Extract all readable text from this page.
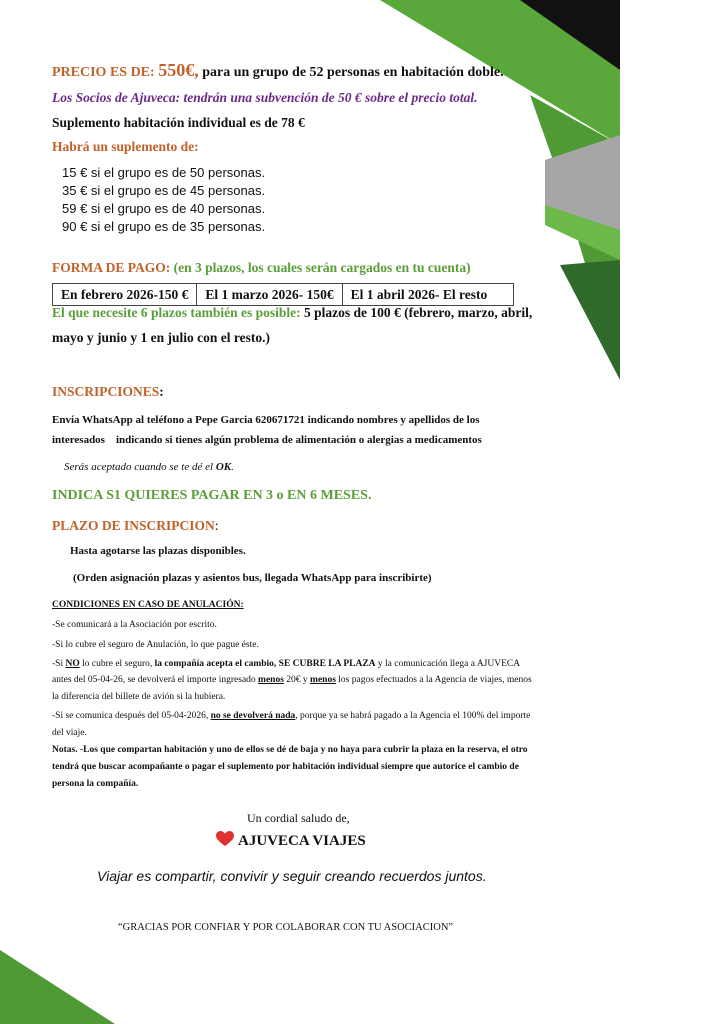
PRECIO ES DE: 550€, para un grupo de 52 personas en habitación doble.
Los Socios de Ajuveca: tendrán una subvención de 50 € sobre el precio total.
Suplemento habitación individual es de 78 €
Habrá un suplemento de:
15 € si el grupo es de 50 personas.
35 € si el grupo es de 45 personas.
59 € si el grupo es de 40 personas.
90 € si el grupo es de 35 personas.
FORMA DE PAGO: (en 3 plazos, los cuales serán cargados en tu cuenta)
En febrero 2026-150 €	El 1 marzo 2026- 150€	El 1 abril 2026- El resto
El que necesite 6 plazos también es posible: 5 plazos de 100 € (febrero, marzo, abril,
mayo y junio y 1 en julio con el resto.)
INSCRIPCIONES:
Envía WhatsApp al teléfono a Pepe Garcia 620671721 indicando nombres y apellidos de los
interesados    indicando si tienes algún problema de alimentación o alergias a medicamentos
Serás aceptado cuando se te dé el OK.
INDICA S1 QUIERES PAGAR EN 3 o EN 6 MESES.
PLAZO DE INSCRIPCION:
Hasta agotarse las plazas disponibles.
(Orden asignación plazas y asientos bus, llegada WhatsApp para inscribirte)
CONDICIONES EN CASO DE ANULACIÓN:
-Se comunicará a la Asociación por escrito.
-Si lo cubre el seguro de Anulación, lo que pague éste.
-Si NO lo cubre el seguro, la compañía acepta el cambio, SE CUBRE LA PLAZA y la comunicación llega a AJUVECA
antes del 05-04-26, se devolverá el importe ingresado menos 20€ y menos los pagos efectuados a la Agencia de viajes, menos
la diferencia del billete de avión si la hubiera.
-Si se comunica después del 05-04-2026, no se devolverá nada, porque ya se habrá pagado a la Agencia el 100% del importe
del viaje.
Notas. -Los que compartan habitación y uno de ellos se dé de baja y no haya para cubrir la plaza en la reserva, el otro
tendrá que buscar acompañante o pagar el suplemento por habitación individual siempre que autorice el cambio de
persona la compañía.
Un cordial saludo de,
AJUVECA VIAJES
Viajar es compartir, convivir y seguir creando recuerdos juntos.
“GRACIAS POR CONFIAR Y POR COLABORAR CON TU ASOCIACION”
